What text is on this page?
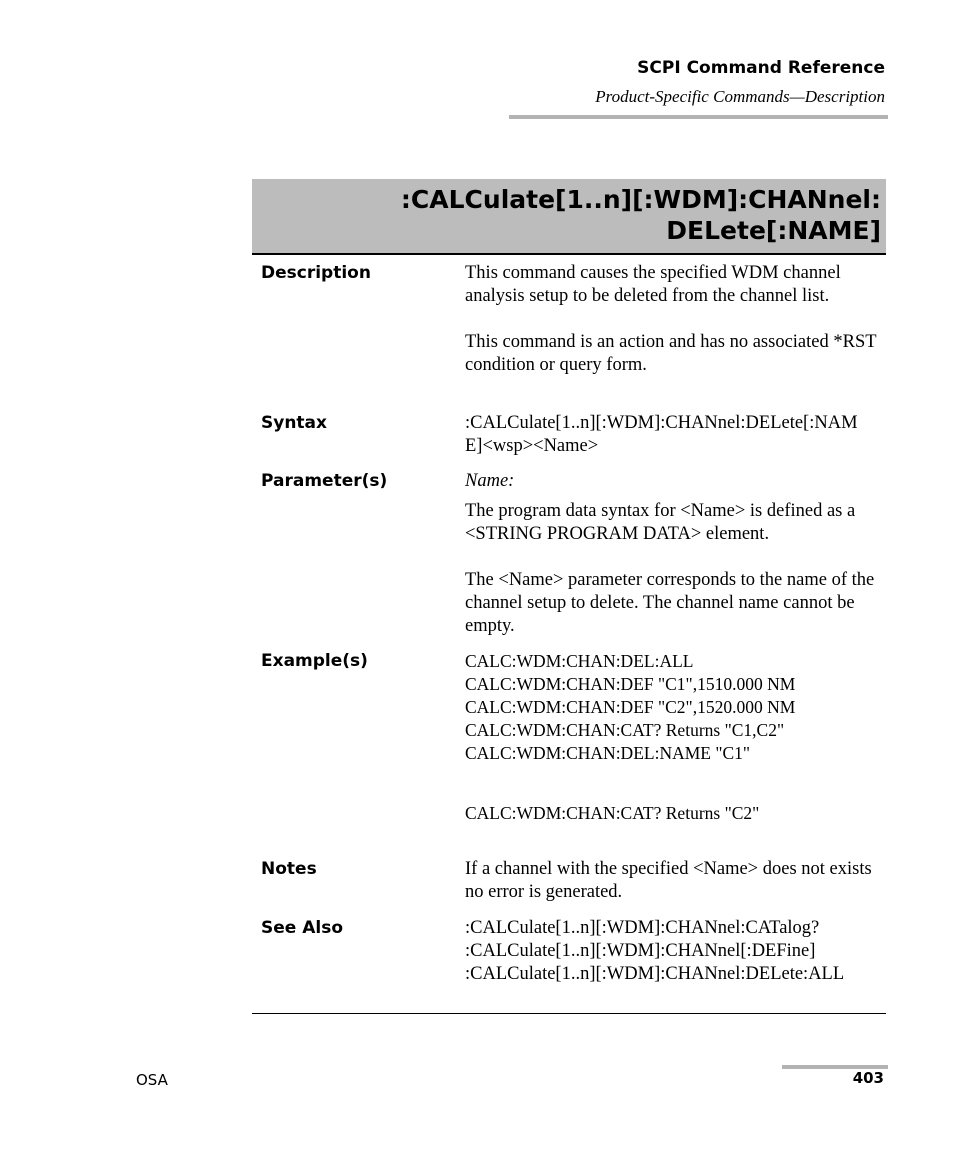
SCPI Command Reference
Product-Specific Commands—Description
:CALCulate[1..n][:WDM]:CHANnel:
DELete[:NAME]
Description	This command causes the specified WDM channel analysis setup to be deleted from the channel list.

This command is an action and has no associated *RST condition or query form.

Syntax	:CALCulate[1..n][:WDM]:CHANnel:DELete[:NAM
E]<wsp><Name>
Parameter(s)	Name:

The program data syntax for <Name> is defined as a <STRING PROGRAM DATA> element.

The <Name> parameter corresponds to the name of the channel setup to delete. The channel name cannot be empty.

Example(s)	CALC:WDM:CHAN:DEL:ALL
CALC:WDM:CHAN:DEF "C1",1510.000 NM
CALC:WDM:CHAN:DEF "C2",1520.000 NM
CALC:WDM:CHAN:CAT? Returns "C1,C2"
CALC:WDM:CHAN:DEL:NAME "C1"
CALC:WDM:CHAN:CAT? Returns "C2"
Notes	If a channel with the specified <Name> does not exists no error is generated.

See Also	:CALCulate[1..n][:WDM]:CHANnel:CATalog?
:CALCulate[1..n][:WDM]:CHANnel[:DEFine]
:CALCulate[1..n][:WDM]:CHANnel:DELete:ALL
OSA	403
